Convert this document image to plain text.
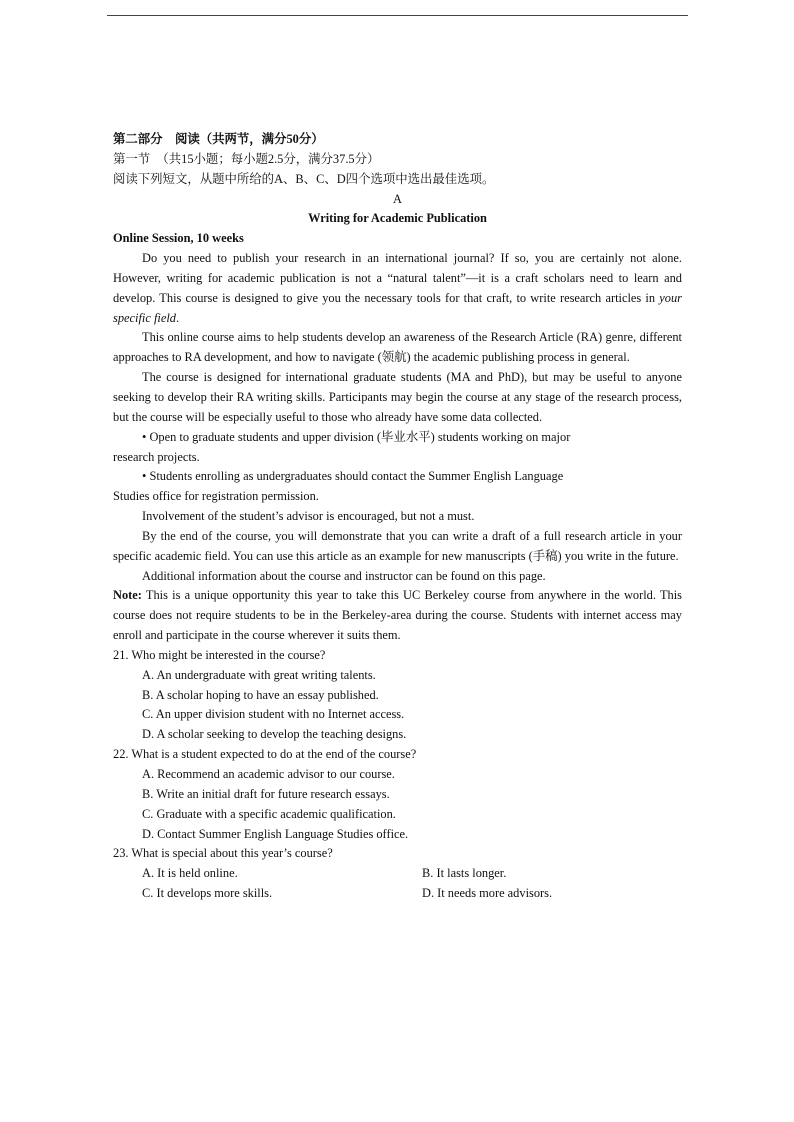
第二部分　阅读（共两节，满分50分）

第一节　（共15小题；每小题2.5分，满分37.5分）

阅读下列短文，从题中所给的A、B、C、D四个选项中选出最佳选项。

A

Writing for Academic Publication

Online Session, 10 weeks

Do you need to publish your research in an international journal? If so, you are certainly not alone. However, writing for academic publication is not a “natural talent”—it is a craft scholars need to learn and develop. This course is designed to give you the necessary tools for that craft, to write research articles in your specific field.

This online course aims to help students develop an awareness of the Research Article (RA) genre, different approaches to RA development, and how to navigate (领航) the academic publishing process in general.

The course is designed for international graduate students (MA and PhD), but may be useful to anyone seeking to develop their RA writing skills. Participants may begin the course at any stage of the research process, but the course will be especially useful to those who already have some data collected.

• Open to graduate students and upper division (毕业水平) students working on major

research projects.

• Students enrolling as undergraduates should contact the Summer English Language

Studies office for registration permission.

Involvement of the student’s advisor is encouraged, but not a must.

By the end of the course, you will demonstrate that you can write a draft of a full research article in your specific academic field. You can use this article as an example for new manuscripts (手稿) you write in the future.

Additional information about the course and instructor can be found on this page.

Note: This is a unique opportunity this year to take this UC Berkeley course from anywhere in the world. This course does not require students to be in the Berkeley-area during the course. Students with internet access may enroll and participate in the course wherever it suits them.

21. Who might be interested in the course?

A. An undergraduate with great writing talents.

B. A scholar hoping to have an essay published.

C. An upper division student with no Internet access.

D. A scholar seeking to develop the teaching designs.

22. What is a student expected to do at the end of the course?

A. Recommend an academic advisor to our course.

B. Write an initial draft for future research essays.

C. Graduate with a specific academic qualification.

D. Contact Summer English Language Studies office.

23. What is special about this year’s course?

A. It is held online.	B. It lasts longer.
C. It develops more skills.	D. It needs more advisors.
